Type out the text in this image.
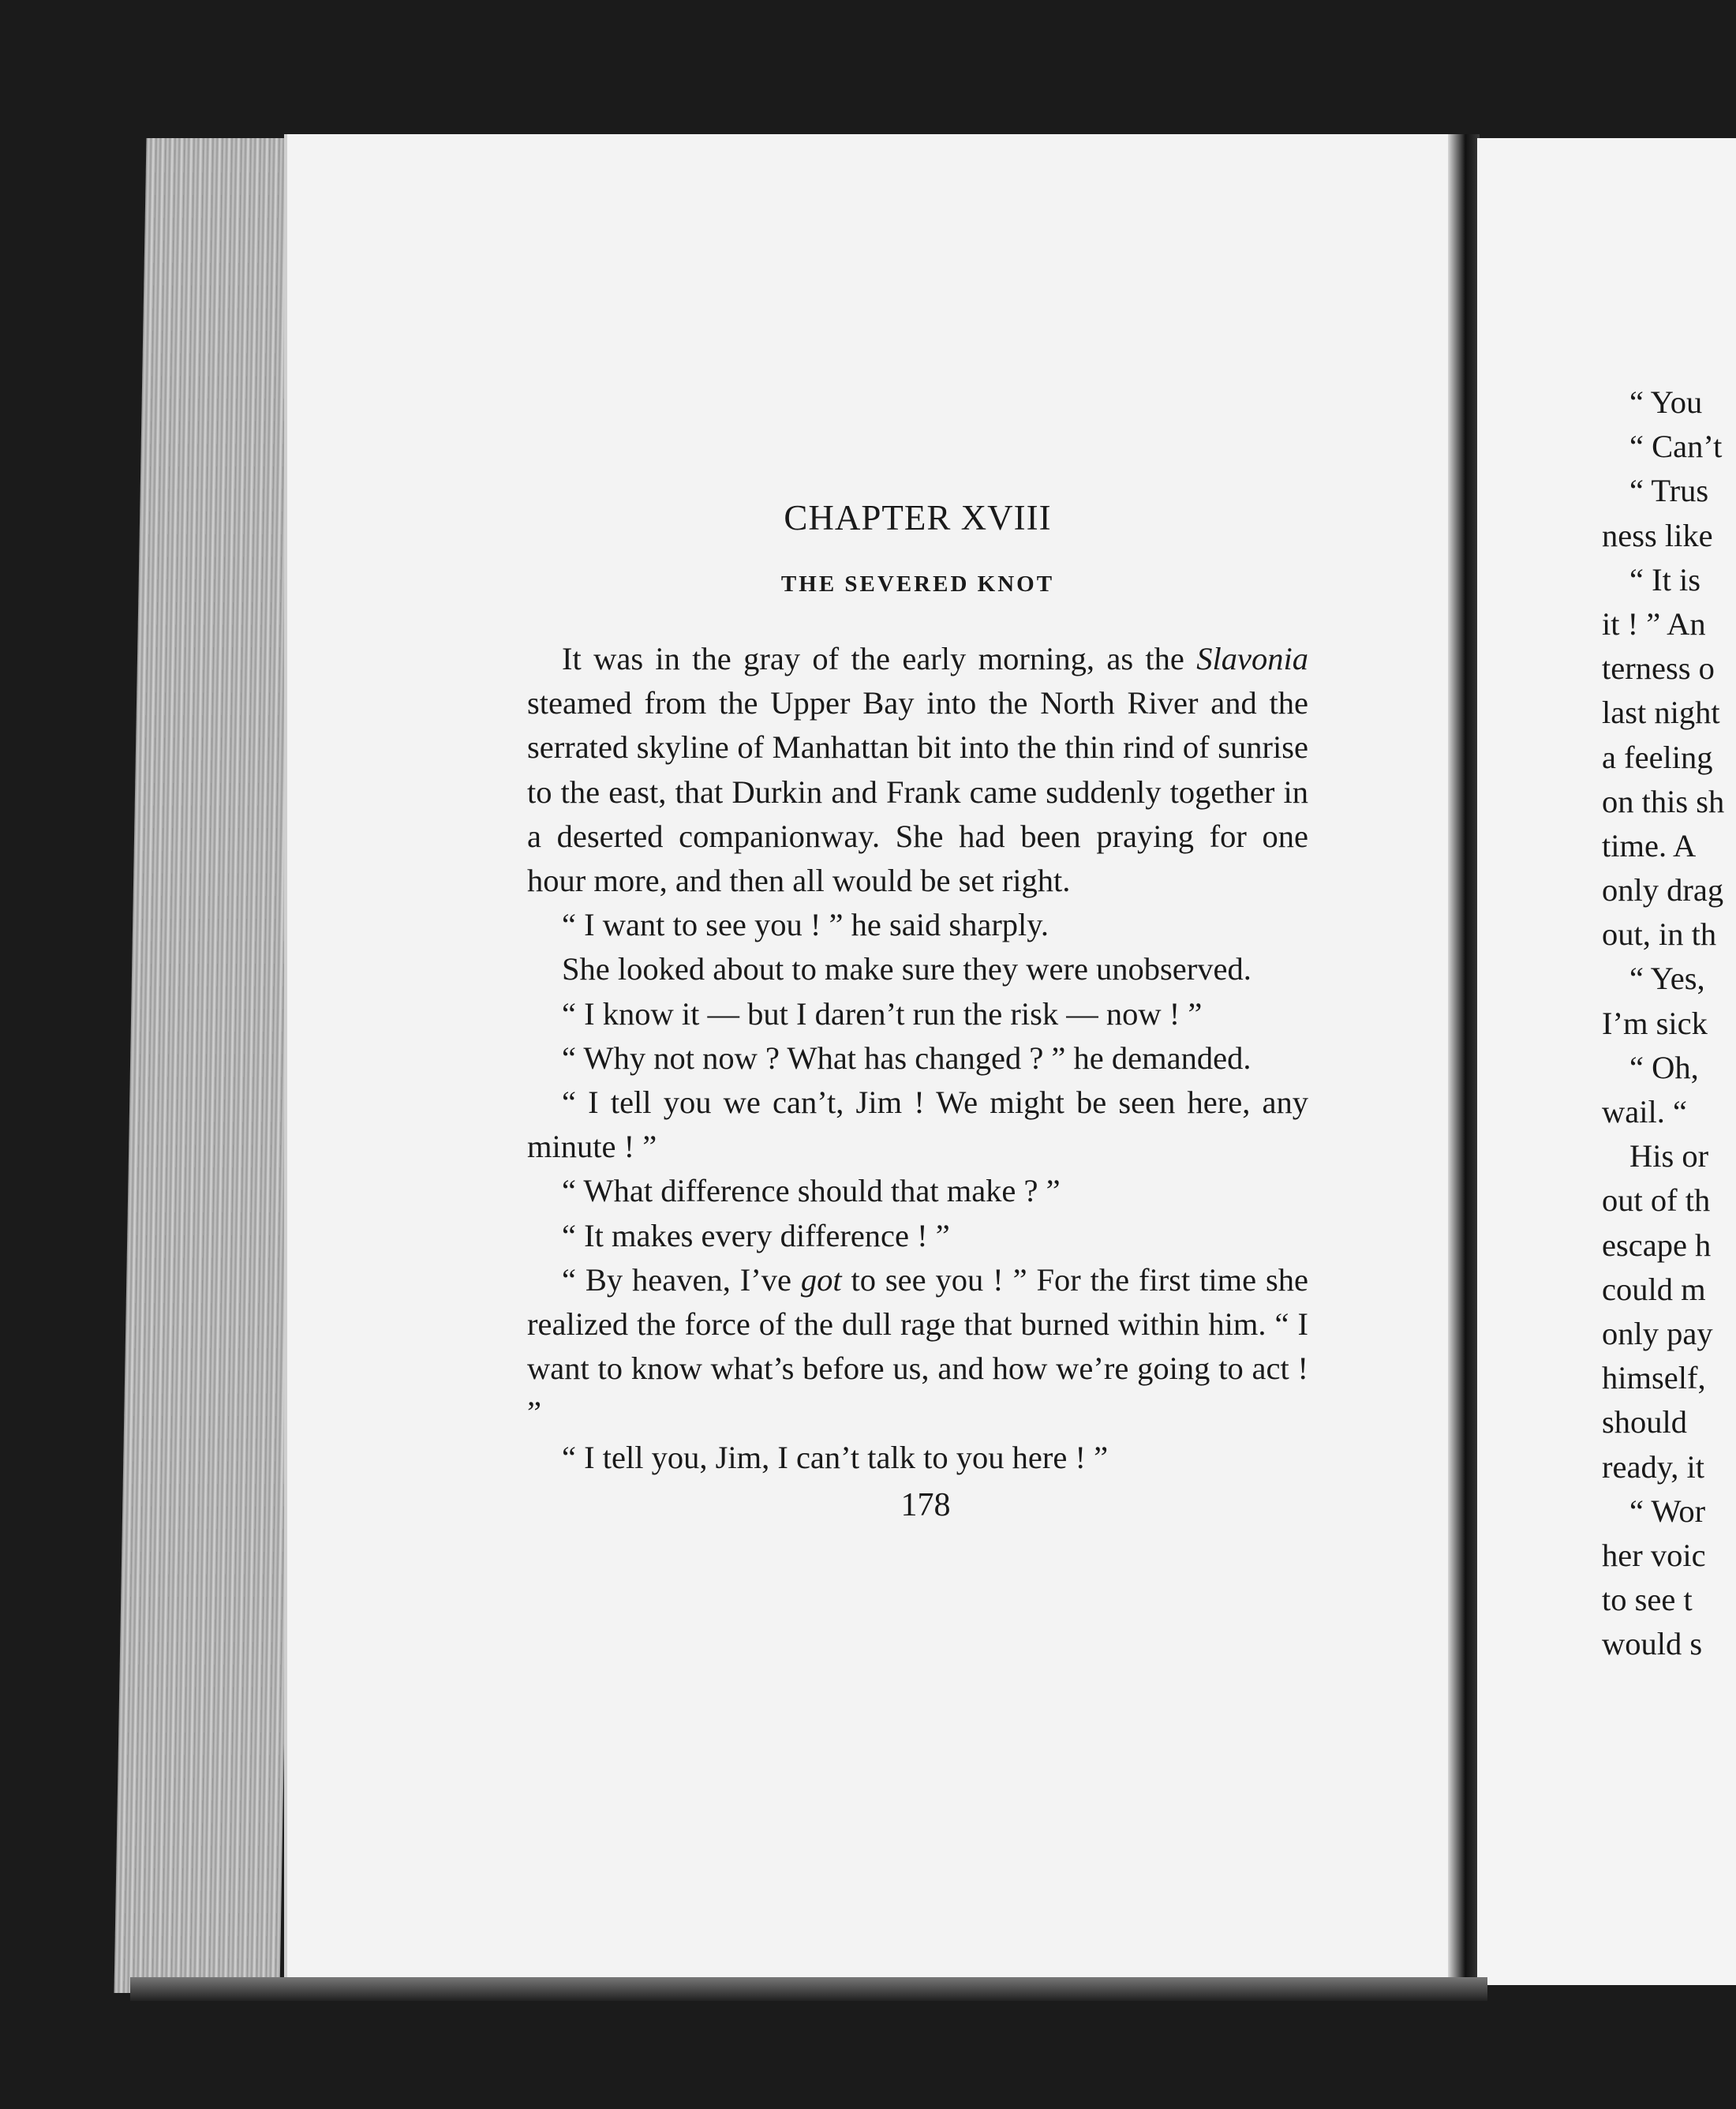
CHAPTER XVIII
THE SEVERED KNOT

It was in the gray of the early morning, as the Slavonia steamed from the Upper Bay into the North River and the serrated skyline of Manhattan bit into the thin rind of sunrise to the east, that Durkin and Frank came suddenly together in a deserted companionway. She had been praying for one hour more, and then all would be set right.

“ I want to see you ! ” he said sharply.

She looked about to make sure they were unobserved.

“ I know it — but I daren’t run the risk — now ! ”

“ Why not now ? What has changed ? ” he demanded.

“ I tell you we can’t, Jim ! We might be seen here, any minute ! ”

“ What difference should that make ? ”

“ It makes every difference ! ”

“ By heaven, I’ve got to see you ! ” For the first time she realized the force of the dull rage that burned within him. “ I want to know what’s before us, and how we’re going to act ! ”

“ I tell you, Jim, I can’t talk to you here ! ”

178
“ You
“ Can’t
“ Trus
ness like
“ It is
it ! ” An
terness o
last night
a feeling
on this sh
time. A
only drag
out, in th
“ Yes,
I’m sick
“ Oh,
wail. “
His or
out of th
escape h
could m
only pay
himself,
should
ready, it
“ Wor
her voic
to see t
would s
